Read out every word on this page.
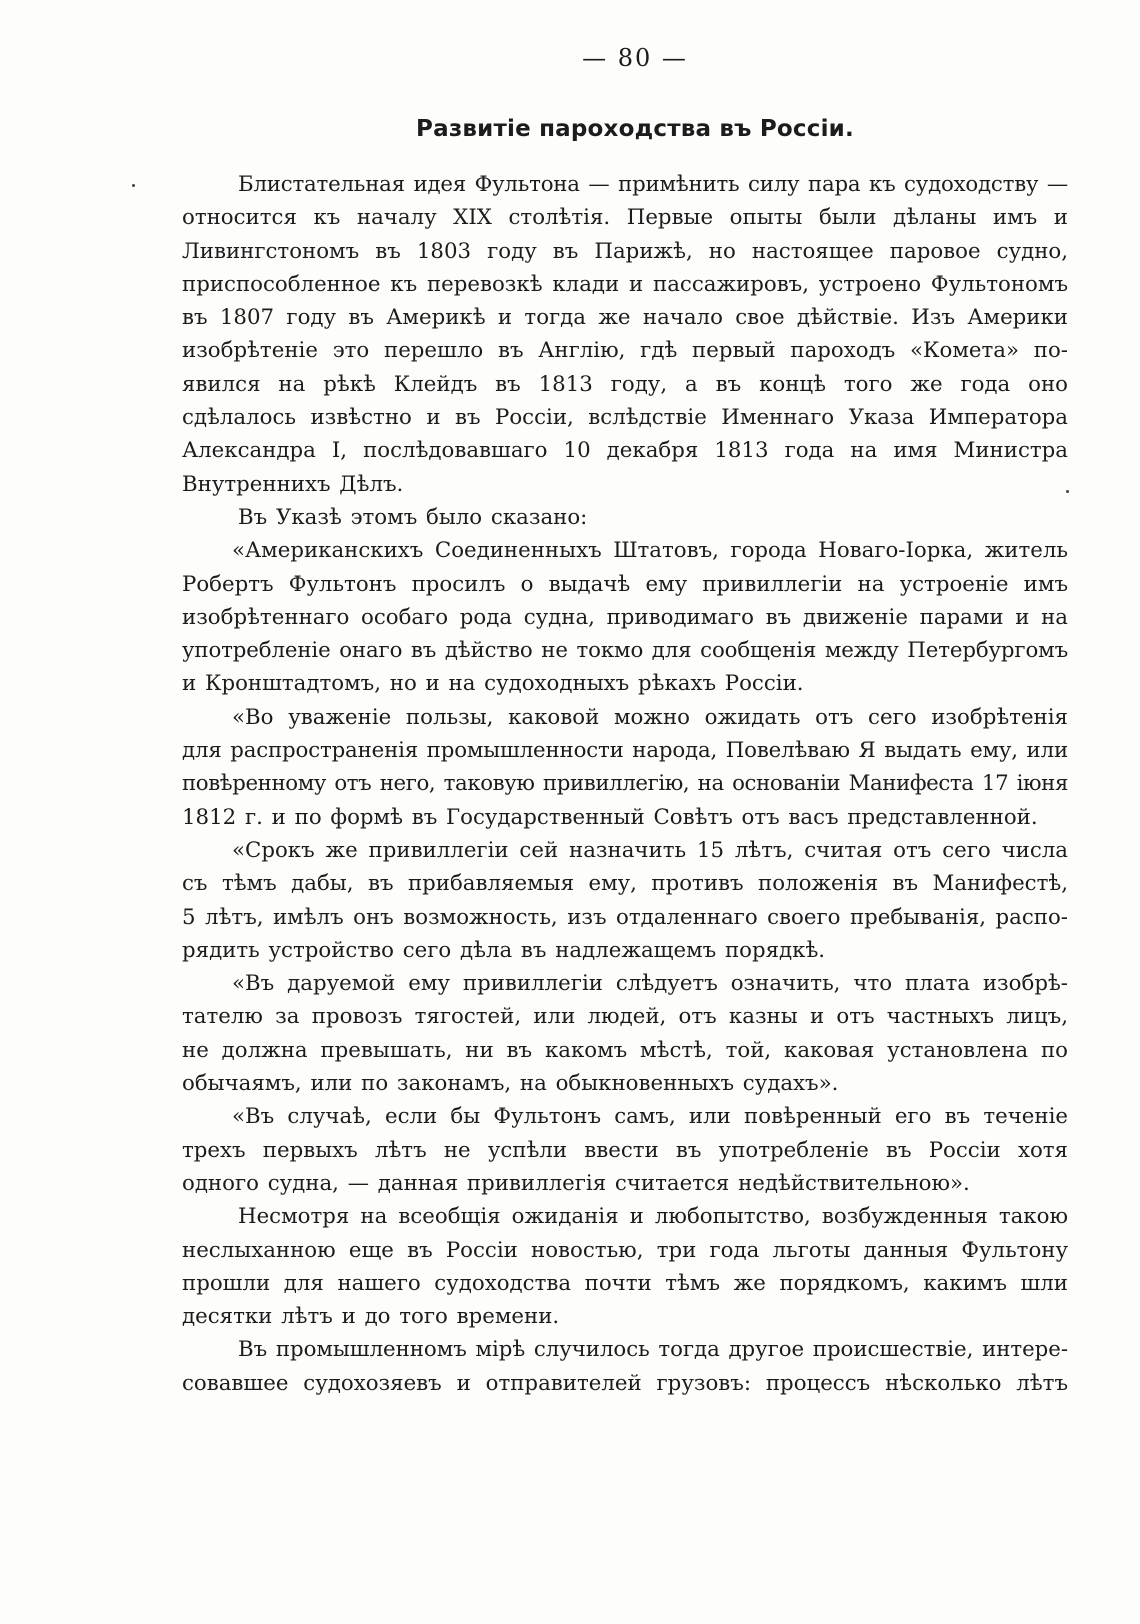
— 80 —
Развитіе пароходства въ Россіи.
Блистательная идея Фультона — примѣнить силу пара къ судоходству —
относится къ началу XIX столѣтія. Первые опыты были дѣланы имъ и
Ливингстономъ въ 1803 году въ Парижѣ, но настоящее паровое судно,
приспособленное къ перевозкѣ клади и пассажировъ, устроено Фультономъ
въ 1807 году въ Америкѣ и тогда же начало свое дѣйствіе. Изъ Америки
изобрѣтеніе это перешло въ Англію, гдѣ первый пароходъ «Комета» по-
явился на рѣкѣ Клейдъ въ 1813 году, а въ концѣ того же года оно
сдѣлалось извѣстно и въ Россіи, вслѣдствіе Именнаго Указа Императора
Александра I, послѣдовавшаго 10 декабря 1813 года на имя Министра
Внутреннихъ Дѣлъ.
Въ Указѣ этомъ было сказано:
«Американскихъ Соединенныхъ Штатовъ, города Новаго-Іорка, житель
Робертъ Фультонъ просилъ о выдачѣ ему привиллегіи на устроеніе имъ
изобрѣтеннаго особаго рода судна, приводимаго въ движеніе парами и на
употребленіе онаго въ дѣйство не токмо для сообщенія между Петербургомъ
и Кронштадтомъ, но и на судоходныхъ рѣкахъ Россіи.
«Во уваженіе пользы, каковой можно ожидать отъ сего изобрѣтенія
для распространенія промышленности народа, Повелѣваю Я выдать ему, или
повѣренному отъ него, таковую привиллегію, на основаніи Манифеста 17 іюня
1812 г. и по формѣ въ Государственный Совѣтъ отъ васъ представленной.
«Срокъ же привиллегіи сей назначить 15 лѣтъ, считая отъ сего числа
съ тѣмъ дабы, въ прибавляемыя ему, противъ положенія въ Манифестѣ,
5 лѣтъ, имѣлъ онъ возможность, изъ отдаленнаго своего пребыванія, распо-
рядить устройство сего дѣла въ надлежащемъ порядкѣ.
«Въ даруемой ему привиллегіи слѣдуетъ означить, что плата изобрѣ-
тателю за провозъ тягостей, или людей, отъ казны и отъ частныхъ лицъ,
не должна превышать, ни въ какомъ мѣстѣ, той, каковая установлена по
обычаямъ, или по законамъ, на обыкновенныхъ судахъ».
«Въ случаѣ, если бы Фультонъ самъ, или повѣренный его въ теченіе
трехъ первыхъ лѣтъ не успѣли ввести въ употребленіе въ Россіи хотя
одного судна, — данная привиллегія считается недѣйствительною».
Несмотря на всеобщія ожиданія и любопытство, возбужденныя такою
неслыханною еще въ Россіи новостью, три года льготы данныя Фультону
прошли для нашего судоходства почти тѣмъ же порядкомъ, какимъ шли
десятки лѣтъ и до того времени.
Въ промышленномъ мірѣ случилось тогда другое происшествіе, интере-
совавшее судохозяевъ и отправителей грузовъ: процессъ нѣсколько лѣтъ
